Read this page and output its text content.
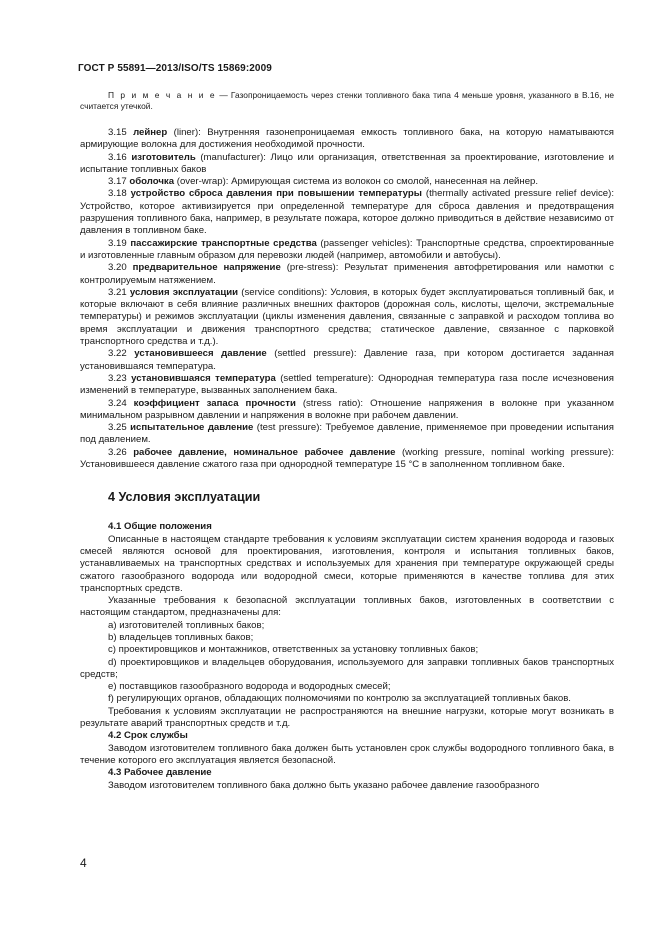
ГОСТ Р 55891—2013/ISO/TS 15869:2009

П р и м е ч а н и е — Газопроницаемость через стенки топливного бака типа 4 меньше уровня, указанного в В.16, не считается утечкой.

3.15 лейнер (liner): Внутренняя газонепроницаемая емкость топливного бака, на которую наматываются армирующие волокна для достижения необходимой прочности.

3.16 изготовитель (manufacturer): Лицо или организация, ответственная за проектирование, изготовление и испытание топливных баков

3.17 оболочка (over-wrap): Армирующая система из волокон со смолой, нанесенная на лейнер.

3.18 устройство сброса давления при повышении температуры (thermally activated pressure relief device): Устройство, которое активизируется при определенной температуре для сброса давления и предотвращения разрушения топливного бака, например, в результате пожара, которое должно приводиться в действие независимо от давления в топливном баке.

3.19 пассажирские транспортные средства (passenger vehicles): Транспортные средства, спроектированные и изготовленные главным образом для перевозки людей (например, автомобили и автобусы).

3.20 предварительное напряжение (pre-stress): Результат применения автофретирования или намотки с контролируемым натяжением.

3.21 условия эксплуатации (service conditions): Условия, в которых будет эксплуатироваться топливный бак, и которые включают в себя влияние различных внешних факторов (дорожная соль, кислоты, щелочи, экстремальные температуры) и режимов эксплуатации (циклы изменения давления, связанные с заправкой и расходом топлива во время эксплуатации и движения транспортного средства; статическое давление, связанное с парковкой транспортного средства и т.д.).

3.22 установившееся давление (settled pressure): Давление газа, при котором достигается заданная установившаяся температура.

3.23 установившаяся температура (settled temperature): Однородная температура газа после исчезновения изменений в температуре, вызванных заполнением бака.

3.24 коэффициент запаса прочности (stress ratio): Отношение напряжения в волокне при указанном минимальном разрывном давлении и напряжения в волокне при рабочем давлении.

3.25 испытательное давление (test pressure): Требуемое давление, применяемое при проведении испытания под давлением.

3.26 рабочее давление, номинальное рабочее давление (working pressure, nominal working pressure): Установившееся давление сжатого газа при однородной температуре 15 °С в заполненном топливном баке.

4 Условия эксплуатации
4.1 Общие положения

Описанные в настоящем стандарте требования к условиям эксплуатации систем хранения водорода и газовых смесей являются основой для проектирования, изготовления, контроля и испытания топливных баков, устанавливаемых на транспортных средствах и используемых для хранения при температуре окружающей среды сжатого газообразного водорода или водородной смеси, которые применяются в качестве топлива для этих транспортных средств.

Указанные требования к безопасной эксплуатации топливных баков, изготовленных в соответствии с настоящим стандартом, предназначены для:

a) изготовителей топливных баков;

b) владельцев топливных баков;

c) проектировщиков и монтажников, ответственных за установку топливных баков;

d) проектировщиков и владельцев оборудования, используемого для заправки топливных баков транспортных средств;

e) поставщиков газообразного водорода и водородных смесей;

f) регулирующих органов, обладающих полномочиями по контролю за эксплуатацией топливных баков.

Требования к условиям эксплуатации не распространяются на внешние нагрузки, которые могут возникать в результате аварий транспортных средств и т.д.

4.2 Срок службы

Заводом изготовителем топливного бака должен быть установлен срок службы водородного топливного бака, в течение которого его эксплуатация является безопасной.

4.3 Рабочее давление

Заводом изготовителем топливного бака должно быть указано рабочее давление газообразного

4
